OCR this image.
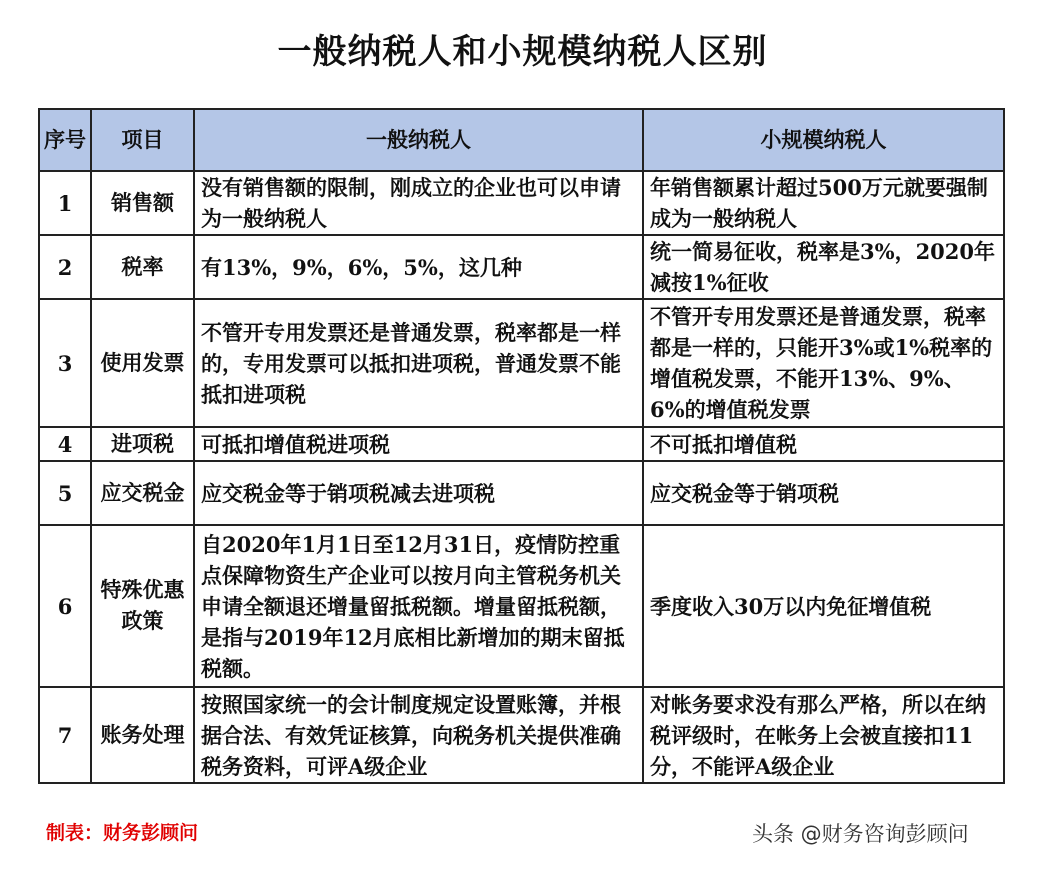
一般纳税人和小规模纳税人区别
序号	项目	一般纳税人	小规模纳税人
1	销售额	没有销售额的限制，刚成立的企业也可以申请为一般纳税人	年销售额累计超过500万元就要强制成为一般纳税人
2	税率	有13%，9%，6%，5%，这几种	统一简易征收，税率是3%，2020年减按1%征收
3	使用发票	不管开专用发票还是普通发票，税率都是一样的，专用发票可以抵扣进项税，普通发票不能抵扣进项税	不管开专用发票还是普通发票，税率都是一样的，只能开3%或1%税率的增值税发票，不能开13%、9%、6%的增值税发票
4	进项税	可抵扣增值税进项税	不可抵扣增值税
5	应交税金	应交税金等于销项税减去进项税	应交税金等于销项税
6	特殊优惠政策	自2020年1月1日至12月31日，疫情防控重点保障物资生产企业可以按月向主管税务机关申请全额退还增量留抵税额。增量留抵税额，是指与2019年12月底相比新增加的期末留抵税额。	季度收入30万以内免征增值税
7	账务处理	按照国家统一的会计制度规定设置账簿，并根据合法、有效凭证核算，向税务机关提供准确税务资料，可评A级企业	对帐务要求没有那么严格，所以在纳税评级时，在帐务上会被直接扣11分，不能评A级企业
制表：财务彭顾问	头条 @财务咨询彭顾问
